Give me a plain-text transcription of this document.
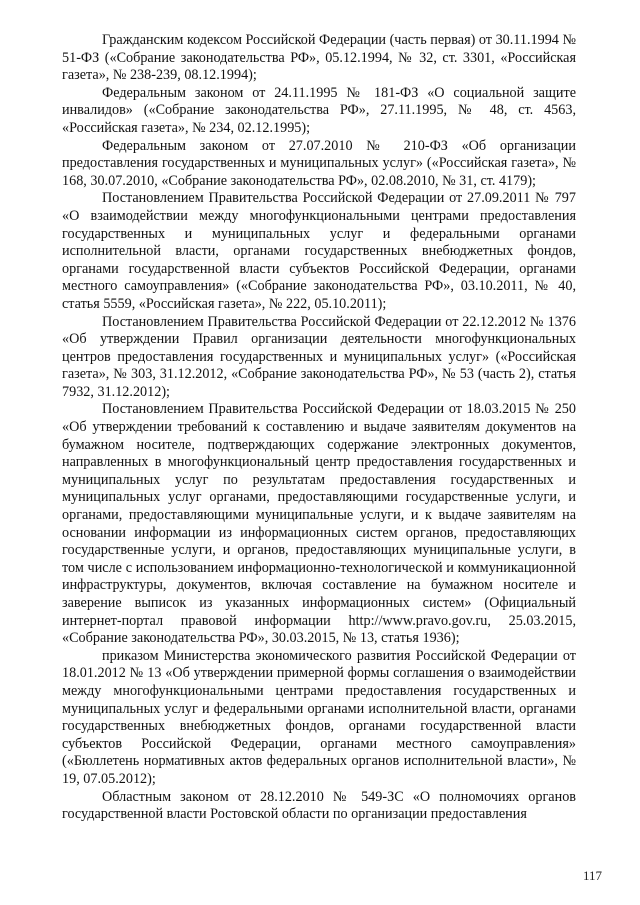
Гражданским кодексом Российской Федерации (часть первая) от 30.11.1994 № 51-ФЗ («Собрание законодательства РФ», 05.12.1994, № 32, ст. 3301, «Российская газета», № 238-239, 08.12.1994);

Федеральным законом от 24.11.1995 № 181-ФЗ «О социальной защите инвалидов» («Собрание законодательства РФ», 27.11.1995, № 48, ст. 4563, «Российская газета», № 234, 02.12.1995);

Федеральным законом от 27.07.2010 № 210-ФЗ «Об организации предоставления государственных и муниципальных услуг» («Российская газета», № 168, 30.07.2010, «Собрание законодательства РФ», 02.08.2010, № 31, ст. 4179);

Постановлением Правительства Российской Федерации от 27.09.2011 № 797 «О взаимодействии между многофункциональными центрами предоставления государственных и муниципальных услуг и федеральными органами исполнительной власти, органами государственных внебюджетных фондов, органами государственной власти субъектов Российской Федерации, органами местного самоуправления» («Собрание законодательства РФ», 03.10.2011, № 40, статья 5559, «Российская газета», № 222, 05.10.2011);

Постановлением Правительства Российской Федерации от 22.12.2012 № 1376 «Об утверждении Правил организации деятельности многофункциональных центров предоставления государственных и муниципальных услуг» («Российская газета», № 303, 31.12.2012, «Собрание законодательства РФ», № 53 (часть 2), статья 7932, 31.12.2012);

Постановлением Правительства Российской Федерации от 18.03.2015 № 250 «Об утверждении требований к составлению и выдаче заявителям документов на бумажном носителе, подтверждающих содержание электронных документов, направленных в многофункциональный центр предоставления государственных и муниципальных услуг по результатам предоставления государственных и муниципальных услуг органами, предоставляющими государственные услуги, и органами, предоставляющими муниципальные услуги, и к выдаче заявителям на основании информации из информационных систем органов, предоставляющих государственные услуги, и органов, предоставляющих муниципальные услуги, в том числе с использованием информационно-технологической и коммуникационной инфраструктуры, документов, включая составление на бумажном носителе и заверение выписок из указанных информационных систем» (Официальный интернет-портал правовой информации http://www.pravo.gov.ru, 25.03.2015, «Собрание законодательства РФ», 30.03.2015, № 13, статья 1936);

приказом Министерства экономического развития Российской Федерации от 18.01.2012 № 13 «Об утверждении примерной формы соглашения о взаимодействии между многофункциональными центрами предоставления государственных и муниципальных услуг и федеральными органами исполнительной власти, органами государственных внебюджетных фондов, органами государственной власти субъектов Российской Федерации, органами местного самоуправления» («Бюллетень нормативных актов федеральных органов исполнительной власти», № 19, 07.05.2012);

Областным законом от 28.12.2010 № 549-ЗС «О полномочиях органов государственной власти Ростовской области по организации предоставления

117
